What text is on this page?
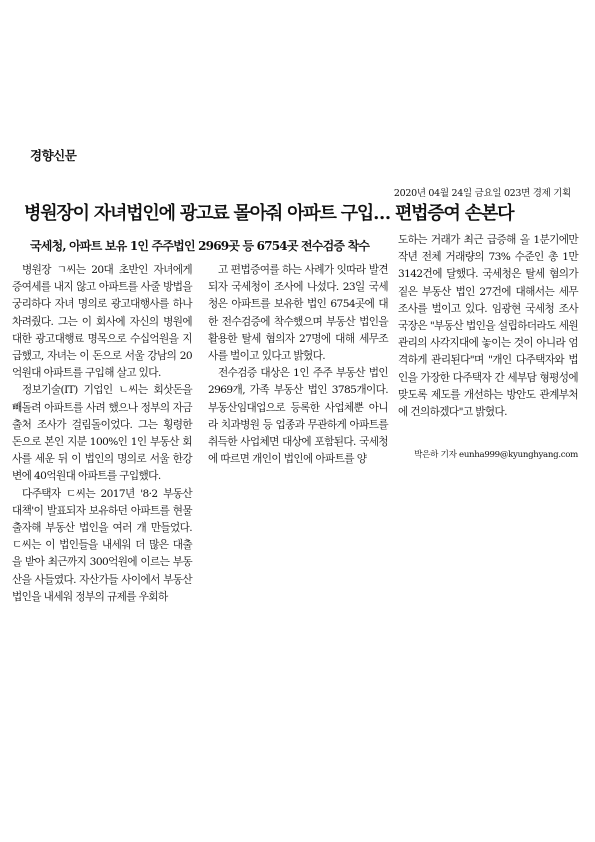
경향신문
2020년 04월 24일 금요일 023면 경제 기획
병원장이 자녀법인에 광고료 몰아줘 아파트 구입… 편법증여 손본다
국세청, 아파트 보유 1인 주주법인 2969곳 등 6754곳 전수검증 착수

병원장 ㄱ씨는 20대 초반인 자녀에게 증여세를 내지 않고 아파트를 사줄 방법을 궁리하다 자녀 명의로 광고대행사를 하나 차려줬다. 그는 이 회사에 자신의 병원에 대한 광고대행료 명목으로 수십억원을 지급했고, 자녀는 이 돈으로 서울 강남의 20억원대 아파트를 구입해 살고 있다.

정보기술(IT) 기업인 ㄴ씨는 회삿돈을 빼돌려 아파트를 사려 했으나 정부의 자금출처 조사가 걸림돌이었다. 그는 횡령한 돈으로 본인 지분 100%인 1인 부동산 회사를 세운 뒤 이 법인의 명의로 서울 한강변에 40억원대 아파트를 구입했다.

다주택자 ㄷ씨는 2017년 '8·2 부동산 대책'이 발표되자 보유하던 아파트를 현물출자해 부동산 법인을 여러 개 만들었다. ㄷ씨는 이 법인들을 내세워 더 많은 대출을 받아 최근까지 300억원에 이르는 부동산을 사들였다. 자산가들 사이에서 부동산 법인을 내세워 정부의 규제를 우회하

고 편법증여를 하는 사례가 잇따라 발견되자 국세청이 조사에 나섰다. 23일 국세청은 아파트를 보유한 법인 6754곳에 대한 전수검증에 착수했으며 부동산 법인을 활용한 탈세 혐의자 27명에 대해 세무조사를 벌이고 있다고 밝혔다.

전수검증 대상은 1인 주주 부동산 법인 2969개, 가족 부동산 법인 3785개이다. 부동산임대업으로 등록한 사업체뿐 아니라 치과병원 등 업종과 무관하게 아파트를 취득한 사업체면 대상에 포함된다. 국세청에 따르면 개인이 법인에 아파트를 양

도하는 거래가 최근 급증해 올 1분기에만 작년 전체 거래량의 73% 수준인 총 1만 3142건에 달했다. 국세청은 탈세 혐의가 짙은 부동산 법인 27건에 대해서는 세무조사를 벌이고 있다. 임광현 국세청 조사국장은 "부동산 법인을 설립하더라도 세원관리의 사각지대에 놓이는 것이 아니라 엄격하게 관리된다"며 "개인 다주택자와 법인을 가장한 다주택자 간 세부담 형평성에 맞도록 제도를 개선하는 방안도 관계부처에 건의하겠다"고 밝혔다.

박은하 기자 eunha999@kyunghyang.com
